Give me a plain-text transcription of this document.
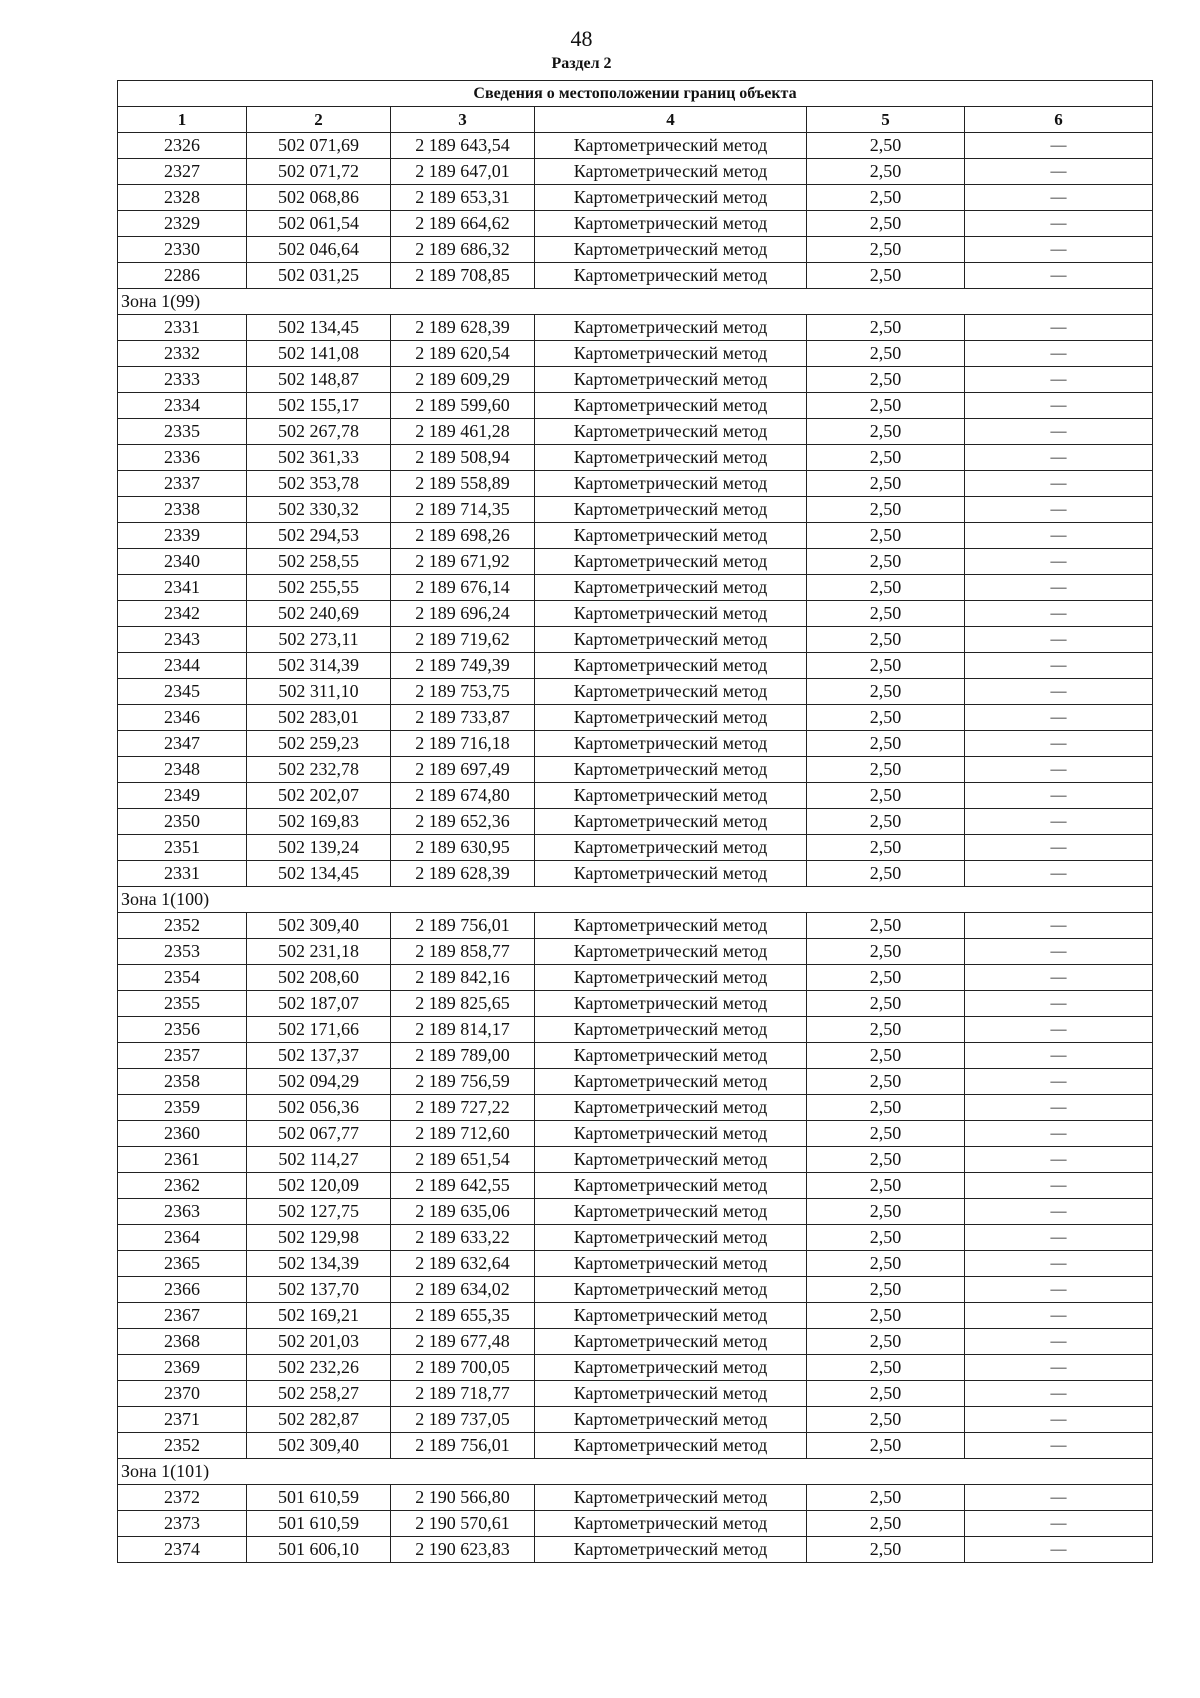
48
Раздел 2
Сведения о местоположении границ объекта					
1	2	3	4	5	6
2326	502 071,69	2 189 643,54	Картометрический метод	2,50	—
2327	502 071,72	2 189 647,01	Картометрический метод	2,50	—
2328	502 068,86	2 189 653,31	Картометрический метод	2,50	—
2329	502 061,54	2 189 664,62	Картометрический метод	2,50	—
2330	502 046,64	2 189 686,32	Картометрический метод	2,50	—
2286	502 031,25	2 189 708,85	Картометрический метод	2,50	—
Зона 1(99)					
2331	502 134,45	2 189 628,39	Картометрический метод	2,50	—
2332	502 141,08	2 189 620,54	Картометрический метод	2,50	—
2333	502 148,87	2 189 609,29	Картометрический метод	2,50	—
2334	502 155,17	2 189 599,60	Картометрический метод	2,50	—
2335	502 267,78	2 189 461,28	Картометрический метод	2,50	—
2336	502 361,33	2 189 508,94	Картометрический метод	2,50	—
2337	502 353,78	2 189 558,89	Картометрический метод	2,50	—
2338	502 330,32	2 189 714,35	Картометрический метод	2,50	—
2339	502 294,53	2 189 698,26	Картометрический метод	2,50	—
2340	502 258,55	2 189 671,92	Картометрический метод	2,50	—
2341	502 255,55	2 189 676,14	Картометрический метод	2,50	—
2342	502 240,69	2 189 696,24	Картометрический метод	2,50	—
2343	502 273,11	2 189 719,62	Картометрический метод	2,50	—
2344	502 314,39	2 189 749,39	Картометрический метод	2,50	—
2345	502 311,10	2 189 753,75	Картометрический метод	2,50	—
2346	502 283,01	2 189 733,87	Картометрический метод	2,50	—
2347	502 259,23	2 189 716,18	Картометрический метод	2,50	—
2348	502 232,78	2 189 697,49	Картометрический метод	2,50	—
2349	502 202,07	2 189 674,80	Картометрический метод	2,50	—
2350	502 169,83	2 189 652,36	Картометрический метод	2,50	—
2351	502 139,24	2 189 630,95	Картометрический метод	2,50	—
2331	502 134,45	2 189 628,39	Картометрический метод	2,50	—
Зона 1(100)					
2352	502 309,40	2 189 756,01	Картометрический метод	2,50	—
2353	502 231,18	2 189 858,77	Картометрический метод	2,50	—
2354	502 208,60	2 189 842,16	Картометрический метод	2,50	—
2355	502 187,07	2 189 825,65	Картометрический метод	2,50	—
2356	502 171,66	2 189 814,17	Картометрический метод	2,50	—
2357	502 137,37	2 189 789,00	Картометрический метод	2,50	—
2358	502 094,29	2 189 756,59	Картометрический метод	2,50	—
2359	502 056,36	2 189 727,22	Картометрический метод	2,50	—
2360	502 067,77	2 189 712,60	Картометрический метод	2,50	—
2361	502 114,27	2 189 651,54	Картометрический метод	2,50	—
2362	502 120,09	2 189 642,55	Картометрический метод	2,50	—
2363	502 127,75	2 189 635,06	Картометрический метод	2,50	—
2364	502 129,98	2 189 633,22	Картометрический метод	2,50	—
2365	502 134,39	2 189 632,64	Картометрический метод	2,50	—
2366	502 137,70	2 189 634,02	Картометрический метод	2,50	—
2367	502 169,21	2 189 655,35	Картометрический метод	2,50	—
2368	502 201,03	2 189 677,48	Картометрический метод	2,50	—
2369	502 232,26	2 189 700,05	Картометрический метод	2,50	—
2370	502 258,27	2 189 718,77	Картометрический метод	2,50	—
2371	502 282,87	2 189 737,05	Картометрический метод	2,50	—
2352	502 309,40	2 189 756,01	Картометрический метод	2,50	—
Зона 1(101)					
2372	501 610,59	2 190 566,80	Картометрический метод	2,50	—
2373	501 610,59	2 190 570,61	Картометрический метод	2,50	—
2374	501 606,10	2 190 623,83	Картометрический метод	2,50	—
